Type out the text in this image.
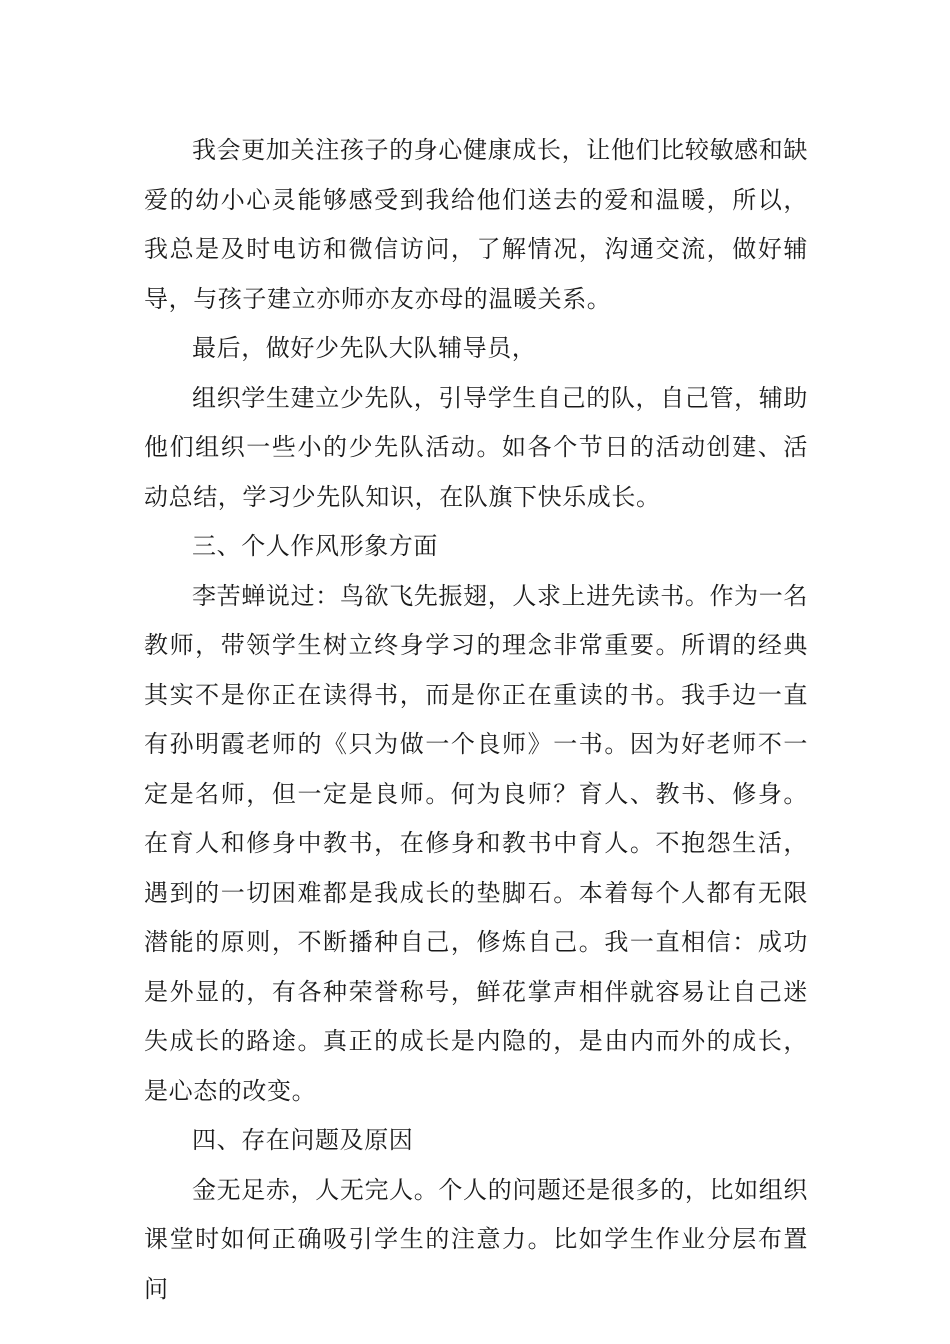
我会更加关注孩子的身心健康成长，让他们比较敏感和缺爱的幼小心灵能够感受到我给他们送去的爱和温暖，所以，我总是及时电访和微信访问，了解情况，沟通交流，做好辅导，与孩子建立亦师亦友亦母的温暖关系。

最后，做好少先队大队辅导员，

组织学生建立少先队，引导学生自己的队，自己管，辅助他们组织一些小的少先队活动。如各个节日的活动创建、活动总结，学习少先队知识，在队旗下快乐成长。

三、个人作风形象方面

李苦蝉说过：鸟欲飞先振翅，人求上进先读书。作为一名教师，带领学生树立终身学习的理念非常重要。所谓的经典其实不是你正在读得书，而是你正在重读的书。我手边一直有孙明霞老师的《只为做一个良师》一书。因为好老师不一定是名师，但一定是良师。何为良师？育人、教书、修身。在育人和修身中教书，在修身和教书中育人。不抱怨生活，遇到的一切困难都是我成长的垫脚石。本着每个人都有无限潜能的原则，不断播种自己，修炼自己。我一直相信：成功是外显的，有各种荣誉称号，鲜花掌声相伴就容易让自己迷失成长的路途。真正的成长是内隐的，是由内而外的成长，是心态的改变。

四、存在问题及原因

金无足赤，人无完人。个人的问题还是很多的，比如组织课堂时如何正确吸引学生的注意力。比如学生作业分层布置问
